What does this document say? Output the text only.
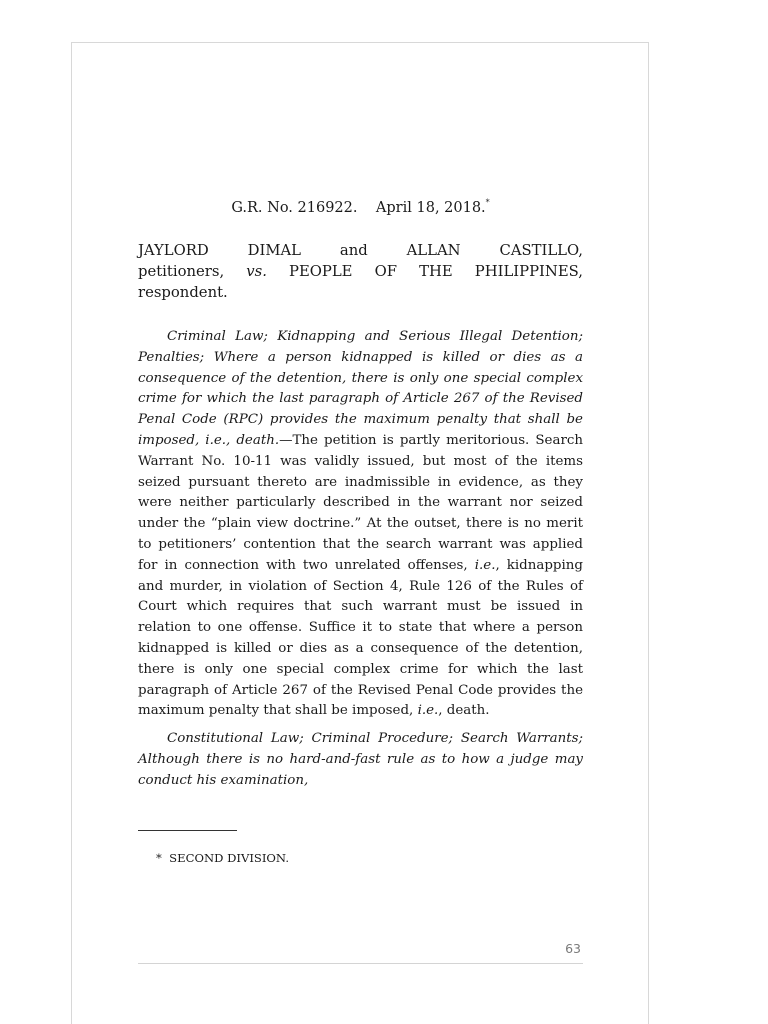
G.R. No. 216922. April 18, 2018.*
JAYLORD	DIMAL	and	ALLAN	CASTILLO,
petitioners, vs. PEOPLE OF THE PHILIPPINES,
respondent.

Criminal Law; Kidnapping and Serious Illegal Detention; Penalties; Where a person kidnapped is killed or dies as a consequence of the detention, there is only one special complex crime for which the last paragraph of Article 267 of the Revised Penal Code (RPC) provides the maximum penalty that shall be imposed, i.e., death.—The petition is partly meritorious. Search Warrant No. 10-11 was validly issued, but most of the items seized pursuant thereto are inadmissible in evidence, as they were neither particularly described in the warrant nor seized under the “plain view doctrine.” At the outset, there is no merit to petitioners’ contention that the search warrant was applied for in connection with two unrelated offenses, i.e., kidnapping and murder, in violation of Section 4, Rule 126 of the Rules of Court which requires that such warrant must be issued in relation to one offense. Suffice it to state that where a person kidnapped is killed or dies as a consequence of the detention, there is only one special complex crime for which the last paragraph of Article 267 of the Revised Penal Code provides the maximum penalty that shall be imposed, i.e., death.

Constitutional Law; Criminal Procedure; Search Warrants; Although there is no hard-and-fast rule as to how a judge may conduct his examination,

* SECOND DIVISION.
63
